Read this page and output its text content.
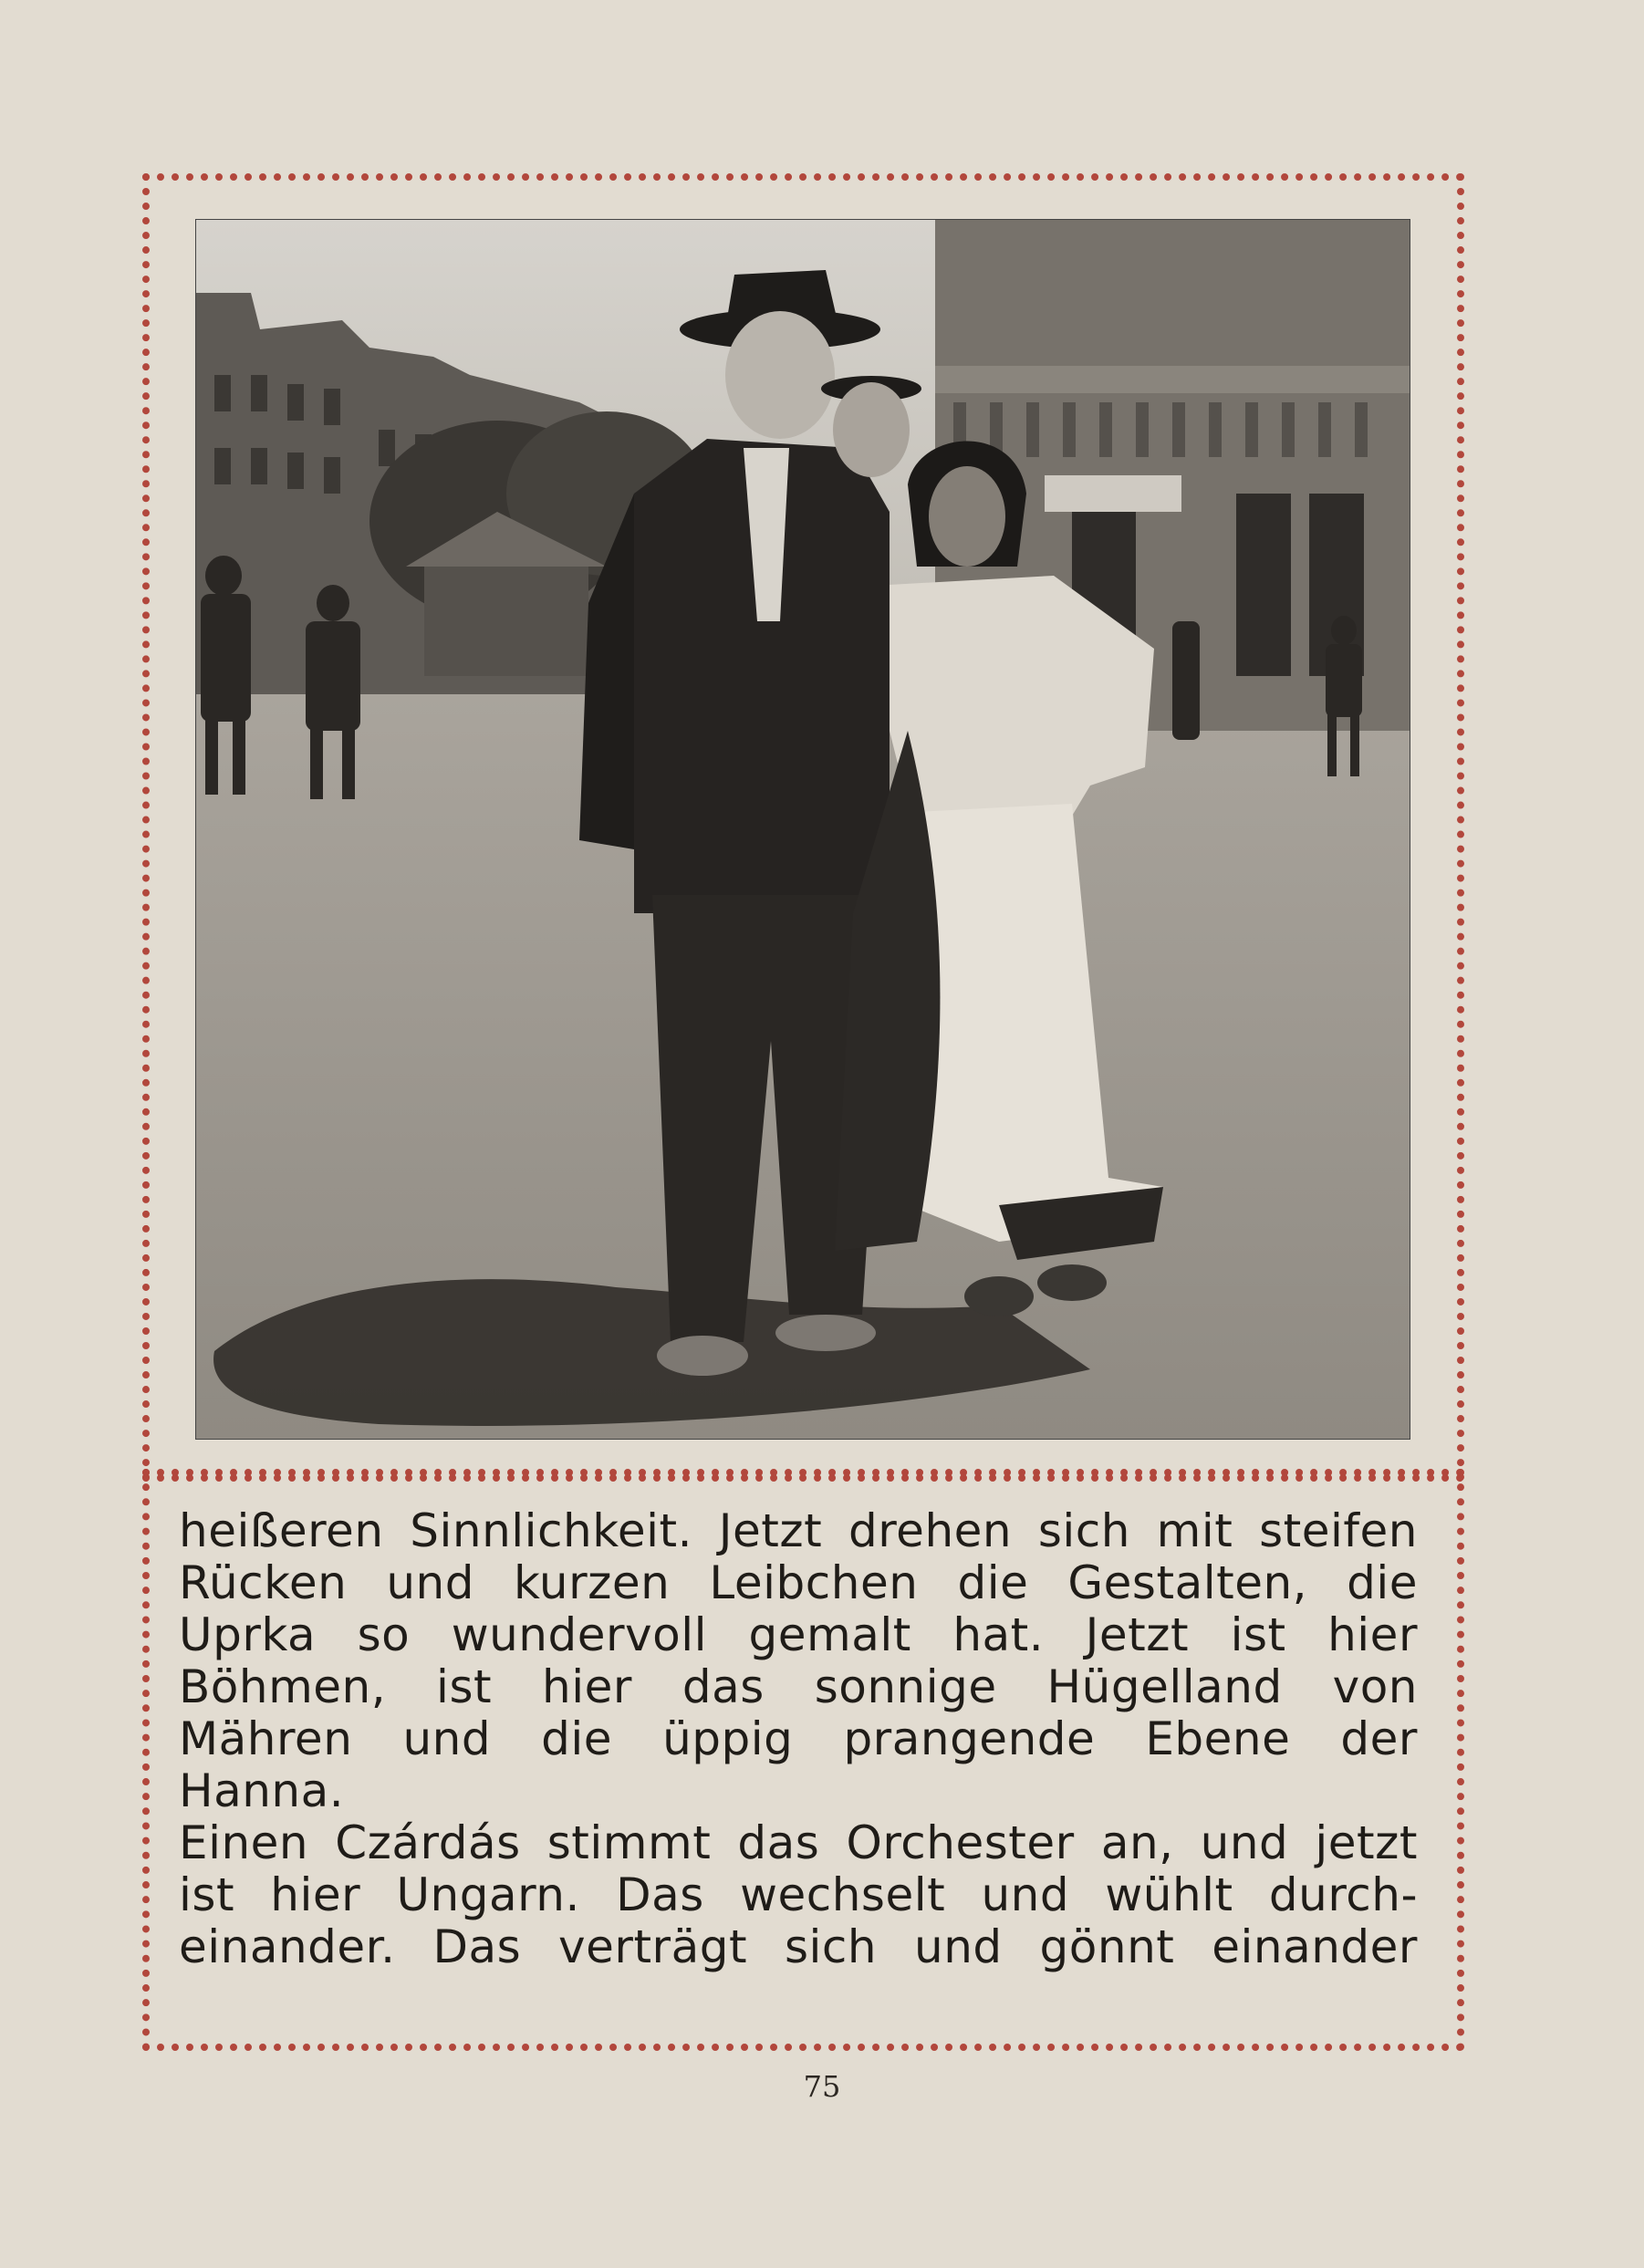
heißeren Sinnlichkeit. Jetzt drehen sich mit steifen
Rücken und kurzen Leibchen die Gestalten, die
Uprka so wundervoll gemalt hat. Jetzt ist hier
Böhmen, ist hier das sonnige Hügelland von
Mähren und die üppig prangende Ebene der
Hanna.
Einen Czárdás stimmt das Orchester an, und jetzt
ist hier Ungarn. Das wechselt und wühlt durch-
einander. Das verträgt sich und gönnt einander
75
